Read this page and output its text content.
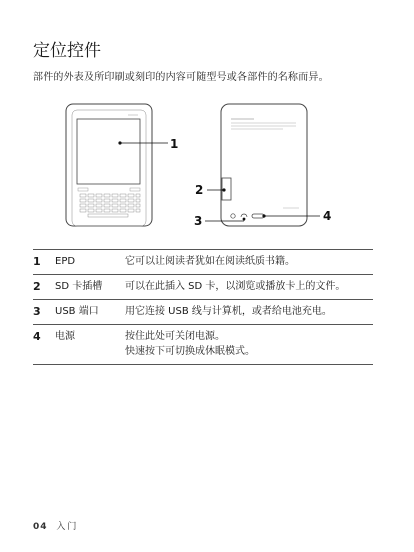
定位控件
部件的外表及所印刷或刻印的内容可随型号或各部件的名称而异。
1
2
3	4
1	EPD	它可以让阅读者犹如在阅读纸质书籍。

2	SD 卡插槽	可以在此插入 SD 卡，以浏览或播放卡上的文件。

3	USB 端口	用它连接 USB 线与计算机，或者给电池充电。

4	电源	按住此处可关闭电源。
快速按下可切换成休眠模式。
04 入门
